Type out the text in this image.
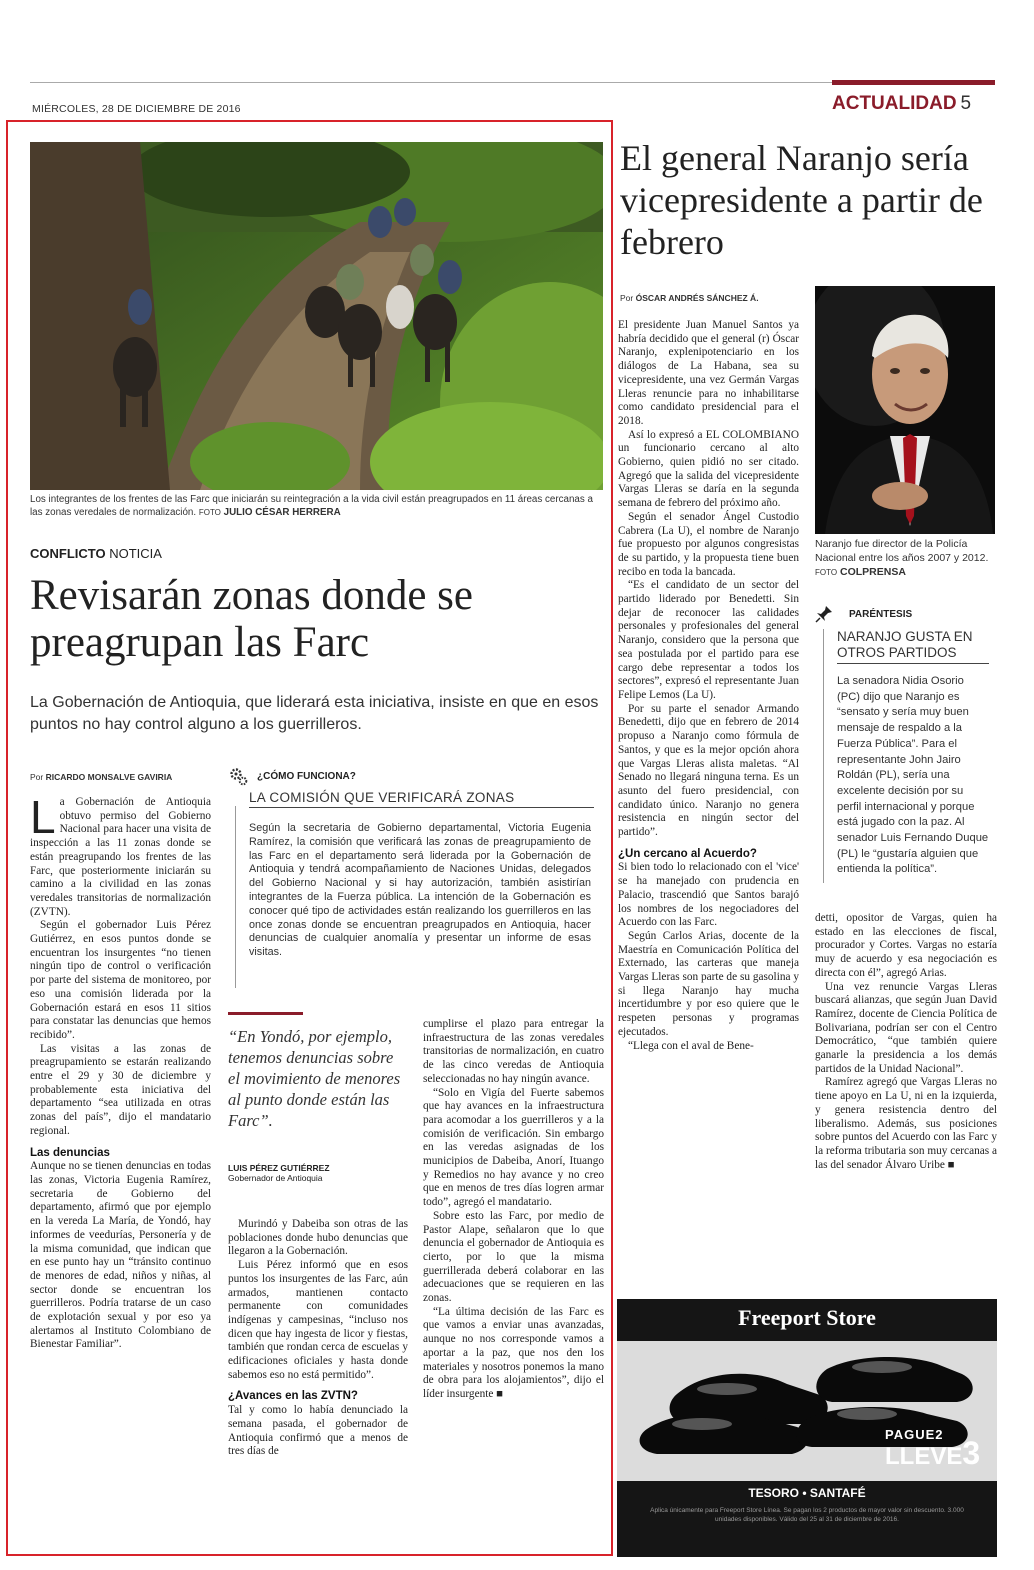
MIÉRCOLES, 28 DE DICIEMBRE DE 2016	ACTUALIDAD 5
Los integrantes de los frentes de las Farc que iniciarán su reintegración a la vida civil están preagrupados en 11 áreas cercanas a las zonas veredales de normalización. FOTO JULIO CÉSAR HERRERA
CONFLICTO NOTICIA
Revisarán zonas donde se preagrupan las Farc
La Gobernación de Antioquia, que liderará esta iniciativa, insiste en que en esos puntos no hay control alguno a los guerrilleros.
Por RICARDO MONSALVE GAVIRIA
L a Gobernación de Antioquia obtuvo permiso del Gobierno Nacional para hacer una visita de inspección a las 11 zonas donde se están preagrupando los frentes de las Farc, que posteriormente iniciarán su camino a la civilidad en las zonas veredales transitorias de normalización (ZVTN).

Según el gobernador Luis Pérez Gutiérrez, en esos puntos donde se encuentran los insurgentes “no tienen ningún tipo de control o verificación por parte del sistema de monitoreo, por eso una comisión liderada por la Gobernación estará en esos 11 sitios para constatar las denuncias que hemos recibido”.

Las visitas a las zonas de preagrupamiento se estarán realizando entre el 29 y 30 de diciembre y probablemente esta iniciativa del departamento “sea utilizada en otras zonas del país”, dijo el mandatario regional.

Las denuncias

Aunque no se tienen denuncias en todas las zonas, Victoria Eugenia Ramírez, secretaria de Gobierno del departamento, afirmó que por ejemplo en la vereda La María, de Yondó, hay informes de veedurías, Personería y de la misma comunidad, que indican que en ese punto hay un “tránsito continuo de menores de edad, niños y niñas, al sector donde se encuentran los guerrilleros. Podría tratarse de un caso de explotación sexual y por eso ya alertamos al Instituto Colombiano de Bienestar Familiar”.

¿CÓMO FUNCIONA?
LA COMISIÓN QUE VERIFICARÁ ZONAS
Según la secretaria de Gobierno departamental, Victoria Eugenia Ramírez, la comisión que verificará las zonas de preagrupamiento de las Farc en el departamento será liderada por la Gobernación de Antioquia y tendrá acompañamiento de Naciones Unidas, delegados del Gobierno Nacional y si hay autorización, también asistirían integrantes de la Fuerza pública. La intención de la Gobernación es conocer qué tipo de actividades están realizando los guerrilleros en las once zonas donde se encuentran preagrupados en Antioquia, hacer denuncias de cualquier anomalía y presentar un informe de esas visitas.
“En Yondó, por ejemplo, tenemos denuncias sobre el movimiento de menores al punto donde están las Farc”.
LUIS PÉREZ GUTIÉRREZ
Gobernador de Antioquia

Murindó y Dabeiba son otras de las poblaciones donde hubo denuncias que llegaron a la Gobernación.

Luis Pérez informó que en esos puntos los insurgentes de las Farc, aún armados, mantienen contacto permanente con comunidades indígenas y campesinas, “incluso nos dicen que hay ingesta de licor y fiestas, también que rondan cerca de escuelas y edificaciones oficiales y hasta donde sabemos eso no está permitido”.

¿Avances en las ZVTN?

Tal y como lo había denunciado la semana pasada, el gobernador de Antioquia confirmó que a menos de tres días de

cumplirse el plazo para entregar la infraestructura de las zonas veredales transitorias de normalización, en cuatro de las cinco veredas de Antioquia seleccionadas no hay ningún avance.

“Solo en Vigía del Fuerte sabemos que hay avances en la infraestructura para acomodar a los guerrilleros y a la comisión de verificación. Sin embargo en las veredas asignadas de los municipios de Dabeiba, Anorí, Ituango y Remedios no hay avance y no creo que en menos de tres días logren armar todo”, agregó el mandatario.

Sobre esto las Farc, por medio de Pastor Alape, señalaron que lo que denuncia el gobernador de Antioquia es cierto, por lo que la misma guerrillerada deberá colaborar en las adecuaciones que se requieren en las zonas.

“La última decisión de las Farc es que vamos a enviar unas avanzadas, aunque no nos corresponde vamos a aportar a la paz, que nos den los materiales y nosotros ponemos la mano de obra para los alojamientos”, dijo el líder insurgente ■

El general Naranjo sería vicepresidente a partir de febrero
Por ÓSCAR ANDRÉS SÁNCHEZ Á.

El presidente Juan Manuel Santos ya habría decidido que el general (r) Óscar Naranjo, explenipotenciario en los diálogos de La Habana, sea su vicepresidente, una vez Germán Vargas Lleras renuncie para no inhabilitarse como candidato presidencial para el 2018.

Así lo expresó a EL COLOMBIANO un funcionario cercano al alto Gobierno, quien pidió no ser citado. Agregó que la salida del vicepresidente Vargas Lleras se daría en la segunda semana de febrero del próximo año.

Según el senador Ángel Custodio Cabrera (La U), el nombre de Naranjo fue propuesto por algunos congresistas de su partido, y la propuesta tiene buen recibo en toda la bancada.

“Es el candidato de un sector del partido liderado por Benedetti. Sin dejar de reconocer las calidades personales y profesionales del general Naranjo, considero que la persona que sea postulada por el partido para ese cargo debe representar a todos los sectores”, expresó el representante Juan Felipe Lemos (La U).

Por su parte el senador Armando Benedetti, dijo que en febrero de 2014 propuso a Naranjo como fórmula de Santos, y que es la mejor opción ahora que Vargas Lleras alista maletas. “Al Senado no llegará ninguna terna. Es un asunto del fuero presidencial, con candidato único. Naranjo no genera resistencia en ningún sector del partido”.

¿Un cercano al Acuerdo?

Si bien todo lo relacionado con el 'vice' se ha manejado con prudencia en Palacio, trascendió que Santos barajó los nombres de los negociadores del Acuerdo con las Farc.

Según Carlos Arias, docente de la Maestría en Comunicación Política del Externado, las carteras que maneja Vargas Lleras son parte de su gasolina y si llega Naranjo hay mucha incertidumbre y por eso quiere que le respeten personas y programas ejecutados.

“Llega con el aval de Bene-

Naranjo fue director de la Policía Nacional entre los años 2007 y 2012. FOTO COLPRENSA
PARÉNTESIS
NARANJO GUSTA EN OTROS PARTIDOS
La senadora Nidia Osorio (PC) dijo que Naranjo es “sensato y sería muy buen mensaje de respaldo a la Fuerza Pública”. Para el representante John Jairo Roldán (PL), sería una excelente decisión por su perfil internacional y porque está jugado con la paz. Al senador Luis Fernando Duque (PL) le “gustaría alguien que entienda la política”.

detti, opositor de Vargas, quien ha estado en las elecciones de fiscal, procurador y Cortes. Vargas no estaría muy de acuerdo y esa negociación es directa con él”, agregó Arias.

Una vez renuncie Vargas Lleras buscará alianzas, que según Juan David Ramírez, docente de Ciencia Política de Bolivariana, podrían ser con el Centro Democrático, “que también quiere ganarle la presidencia a los demás partidos de la Unidad Nacional”.

Ramírez agregó que Vargas Lleras no tiene apoyo en La U, ni en la izquierda, y genera resistencia dentro del liberalismo. Además, sus posiciones sobre puntos del Acuerdo con las Farc y la reforma tributaria son muy cercanas a las del senador Álvaro Uribe ■

Freeport Store
PAGUE2
LLEVE3
TESORO • SANTAFÉ
Aplica únicamente para Freeport Store Línea. Se pagan los 2 productos de mayor valor sin descuento. 3.000 unidades disponibles. Válido del 25 al 31 de diciembre de 2016.
